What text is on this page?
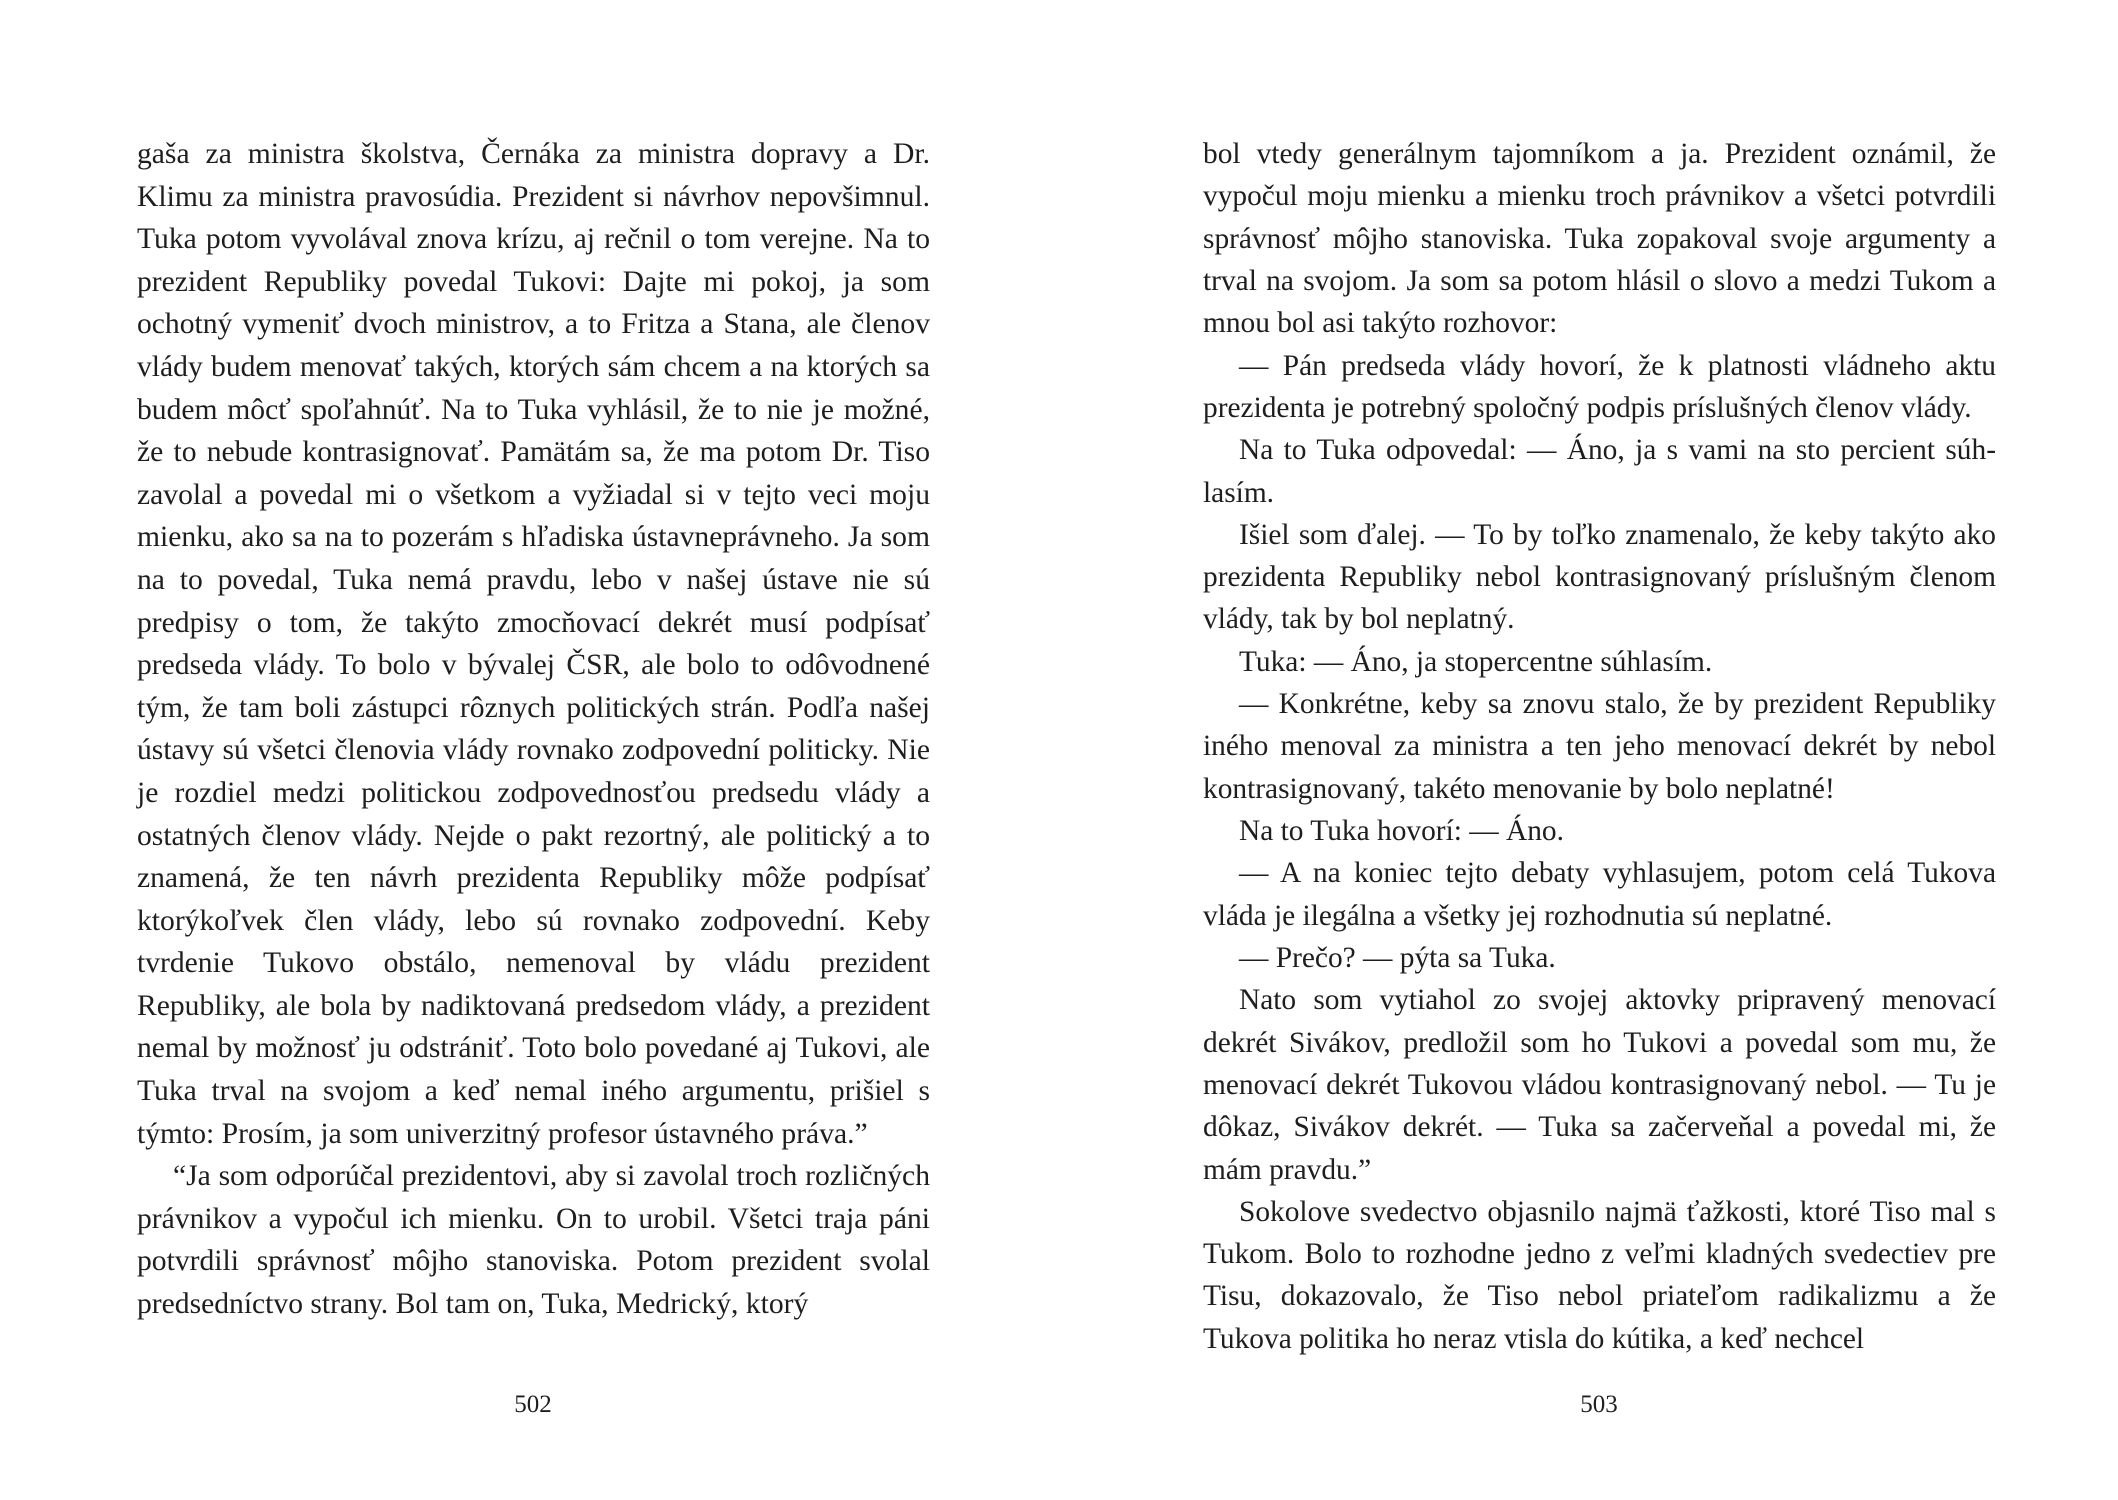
gaša za ministra školstva, Černáka za ministra dopravy a Dr. Klimu za ministra pravosúdia. Prezident si návrhov nepovšimnul. Tuka potom vyvolával znova krízu, aj rečnil o tom verejne. Na to prezident Republiky povedal Tukovi: Dajte mi pokoj, ja som ochotný vymeniť dvoch ministrov, a to Fritza a Stana, ale členov vlády budem menovať takých, ktorých sám chcem a na ktorých sa budem môcť spoľahnúť. Na to Tuka vyhlásil, že to nie je možné, že to nebude kontrasignovať. Pamätám sa, že ma potom Dr. Tiso zavolal a povedal mi o všetkom a vyžiadal si v tejto veci moju mienku, ako sa na to pozerám s hľadiska ústavneprávneho. Ja som na to povedal, Tuka nemá pravdu, lebo v našej ústave nie sú predpisy o tom, že takýto zmocňovací dekrét musí podpísať predseda vlády. To bolo v bývalej ČSR, ale bolo to odôvodnené tým, že tam boli zástupci rôznych politických strán. Podľa našej ústavy sú všetci členovia vlády rovnako zodpovední politicky. Nie je rozdiel medzi politickou zodpovednosťou predsedu vlády a ostatných členov vlády. Nejde o pakt rezortný, ale politický a to znamená, že ten návrh prezidenta Republiky môže podpísať ktorýkoľvek člen vlády, lebo sú rovnako zodpovední. Keby tvrdenie Tukovo obstálo, nemenoval by vládu prezident Republiky, ale bola by nadiktovaná predsedom vlády, a prezident nemal by možnosť ju odstrániť. Toto bolo povedané aj Tukovi, ale Tuka trval na svojom a keď nemal iného argumentu, prišiel s týmto: Prosím, ja som univerzitný profesor ústavného práva.”

“Ja som odporúčal prezidentovi, aby si zavolal troch rozličných právnikov a vypočul ich mienku. On to urobil. Všetci traja páni potvrdili správnosť môjho stanoviska. Potom prezident svolal predsedníctvo strany. Bol tam on, Tuka, Medrický, ktorý

502

bol vtedy generálnym tajomníkom a ja. Prezident oznámil, že vypočul moju mienku a mienku troch právnikov a všetci potvrdili správnosť môjho stanoviska. Tuka zopakoval svoje argumenty a trval na svojom. Ja som sa potom hlásil o slovo a medzi Tukom a mnou bol asi takýto rozhovor:

— Pán predseda vlády hovorí, že k platnosti vládneho aktu prezidenta je potrebný spoločný podpis príslušných členov vlády.

Na to Tuka odpovedal: — Áno, ja s vami na sto percient súhlasím.

Išiel som ďalej. — To by toľko znamenalo, že keby takýto ako prezidenta Republiky nebol kontrasignovaný príslušným členom vlády, tak by bol neplatný.

Tuka: — Áno, ja stopercentne súhlasím.

— Konkrétne, keby sa znovu stalo, že by prezident Republiky iného menoval za ministra a ten jeho menovací dekrét by nebol kontrasignovaný, takéto menovanie by bolo neplatné!

Na to Tuka hovorí: — Áno.

— A na koniec tejto debaty vyhlasujem, potom celá Tukova vláda je ilegálna a všetky jej rozhodnutia sú neplatné.

— Prečo? — pýta sa Tuka.

Nato som vytiahol zo svojej aktovky pripravený menovací dekrét Sivákov, predložil som ho Tukovi a povedal som mu, že menovací dekrét Tukovou vládou kontrasignovaný nebol. — Tu je dôkaz, Sivákov dekrét. — Tuka sa začerveňal a povedal mi, že mám pravdu.”

Sokolove svedectvo objasnilo najmä ťažkosti, ktoré Tiso mal s Tukom. Bolo to rozhodne jedno z veľmi kladných svedectiev pre Tisu, dokazovalo, že Tiso nebol priateľom radikalizmu a že Tukova politika ho neraz vtisla do kútika, a keď nechcel

503
